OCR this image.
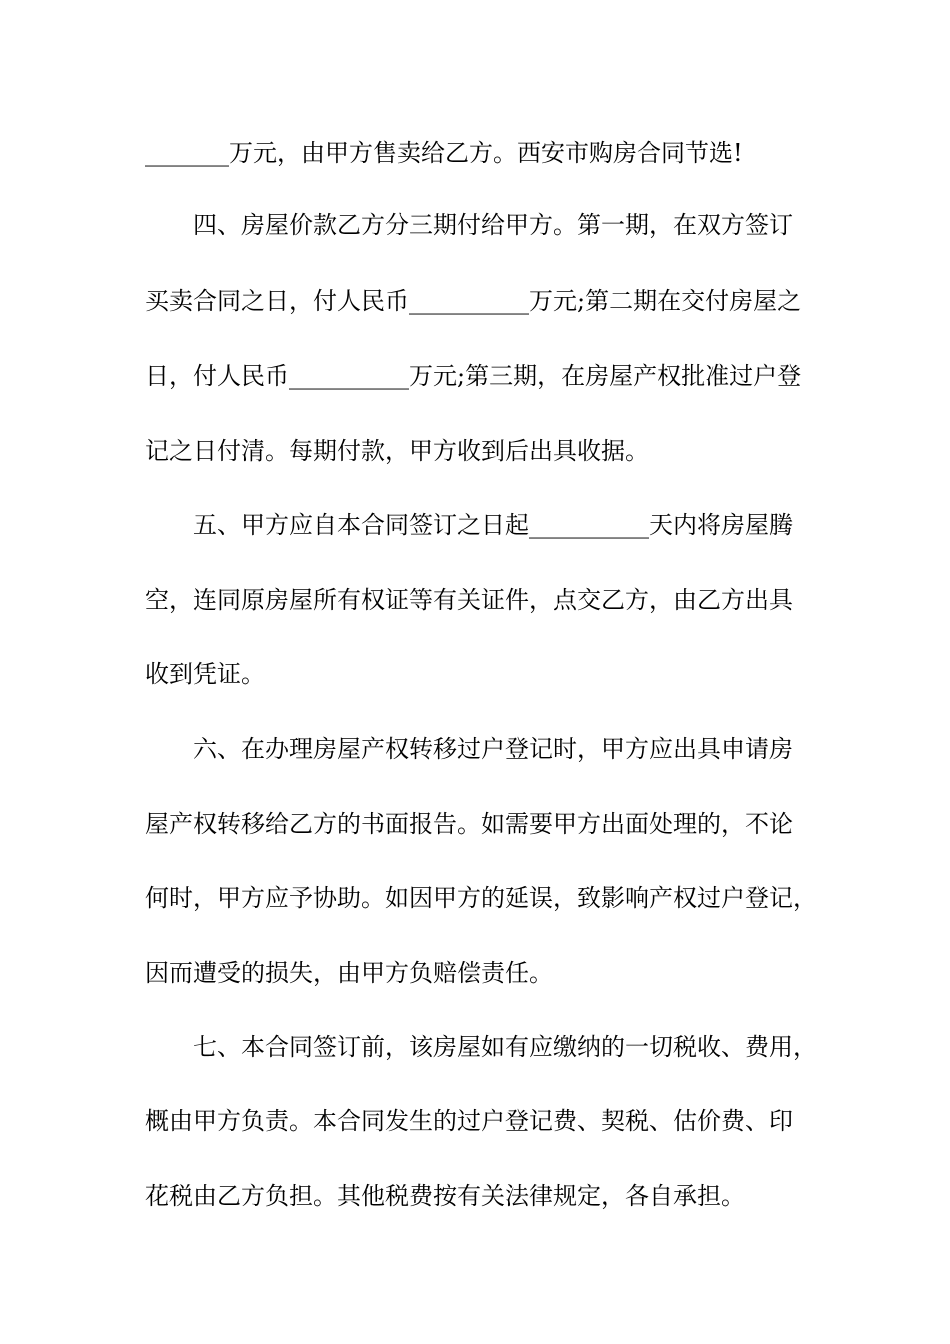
_______万元，由甲方售卖给乙方。西安市购房合同节选!
四、房屋价款乙方分三期付给甲方。第一期，在双方签订
买卖合同之日，付人民币__________万元;第二期在交付房屋之
日，付人民币__________万元;第三期，在房屋产权批准过户登
记之日付清。每期付款，甲方收到后出具收据。
五、甲方应自本合同签订之日起__________天内将房屋腾
空，连同原房屋所有权证等有关证件，点交乙方，由乙方出具
收到凭证。
六、在办理房屋产权转移过户登记时，甲方应出具申请房
屋产权转移给乙方的书面报告。如需要甲方出面处理的，不论
何时，甲方应予协助。如因甲方的延误，致影响产权过户登记，
因而遭受的损失，由甲方负赔偿责任。
七、本合同签订前，该房屋如有应缴纳的一切税收、费用，
概由甲方负责。本合同发生的过户登记费、契税、估价费、印
花税由乙方负担。其他税费按有关法律规定，各自承担。
